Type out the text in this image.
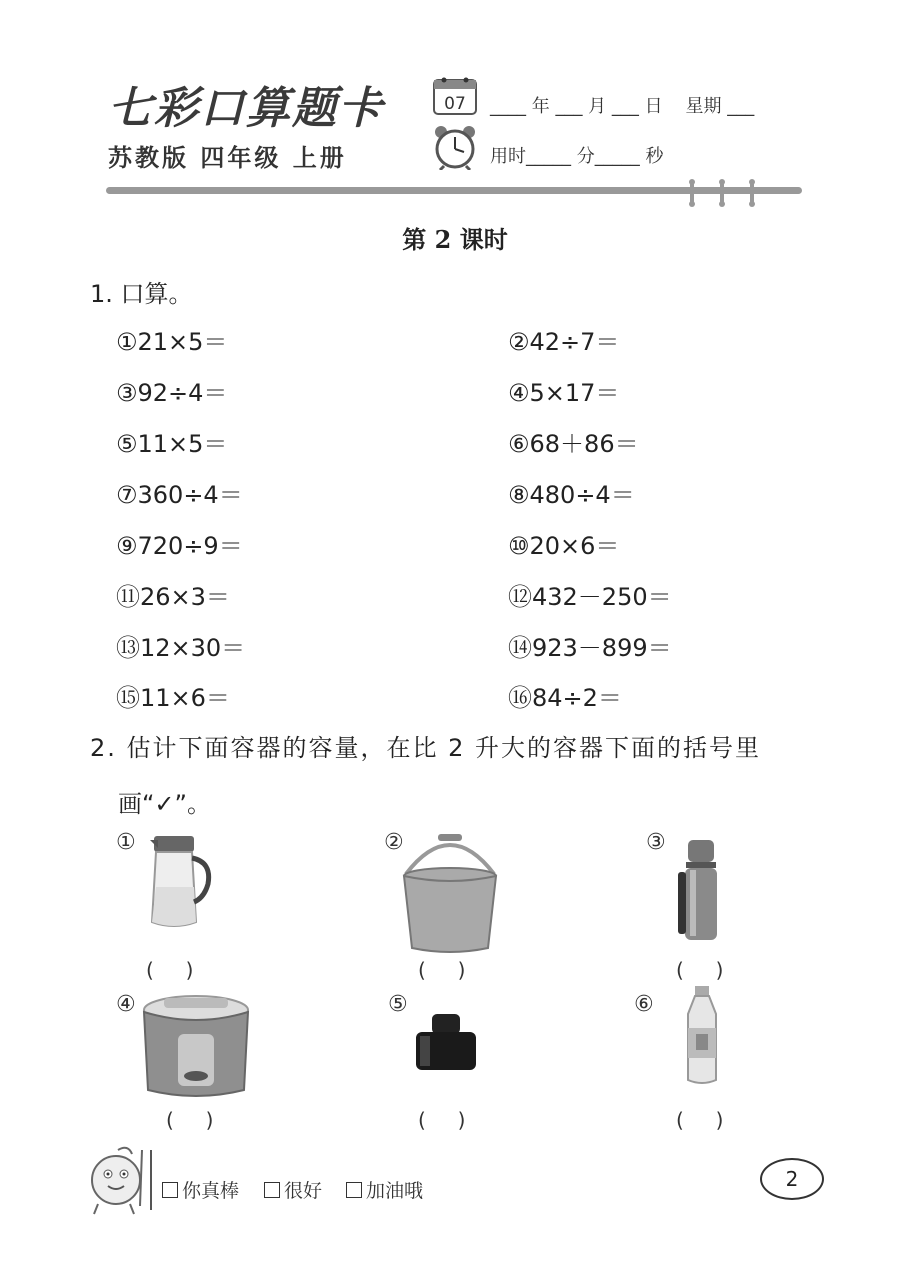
七彩口算题卡
苏教版 四年级 上册
07 ____ 年 ___ 月 ___ 日    星期 ___
用时_____ 分_____ 秒
第 2 课时
1. 口算。
①21×5＝	②42÷7＝
③92÷4＝	④5×17＝
⑤11×5＝	⑥68＋86＝
⑦360÷4＝	⑧480÷4＝
⑨720÷9＝	⑩20×6＝
⑪26×3＝	⑫432－250＝
⑬12×30＝	⑭923－899＝
⑮11×6＝	⑯84÷2＝
2. 估计下面容器的容量，在比 2 升大的容器下面的括号里
画“✓”。
①
(     )
②
(     )
③
(     )
④
(     )
⑤
(     )
⑥
(     )
你真棒	很好	加油哦	2
